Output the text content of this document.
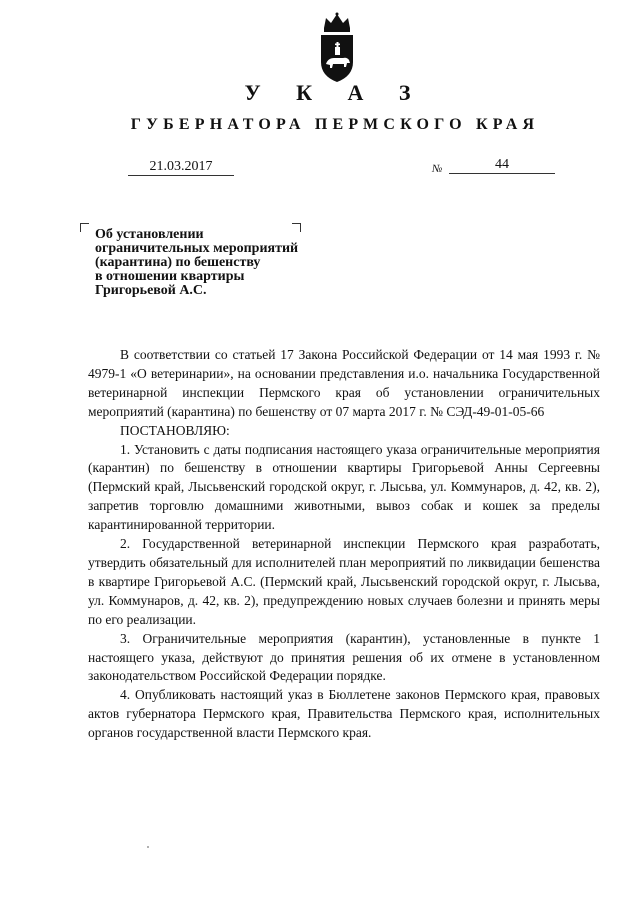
У К А З
ГУБЕРНАТОРА ПЕРМСКОГО КРАЯ
21.03.2017	№	44
Об установлении
ограничительных мероприятий
(карантина) по бешенству
в отношении квартиры
Григорьевой А.С.

В соответствии со статьей 17 Закона Российской Федерации от 14 мая 1993 г. № 4979-1 «О ветеринарии», на основании представления и.о. начальника Государственной ветеринарной инспекции Пермского края об установлении ограничительных мероприятий (карантина) по бешенству от 07 марта 2017 г. № СЭД-49-01-05-66

ПОСТАНОВЛЯЮ:

1. Установить с даты подписания настоящего указа ограничительные мероприятия (карантин) по бешенству в отношении квартиры Григорьевой Анны Сергеевны (Пермский край, Лысьвенский городской округ, г. Лысьва, ул. Коммунаров, д. 42, кв. 2), запретив торговлю домашними животными, вывоз собак и кошек за пределы карантинированной территории.

2. Государственной ветеринарной инспекции Пермского края разработать, утвердить обязательный для исполнителей план мероприятий по ликвидации бешенства в квартире Григорьевой А.С. (Пермский край, Лысьвенский городской округ, г. Лысьва, ул. Коммунаров, д. 42, кв. 2), предупреждению новых случаев болезни и принять меры по его реализации.

3. Ограничительные мероприятия (карантин), установленные в пункте 1 настоящего указа, действуют до принятия решения об их отмене в установленном законодательством Российской Федерации порядке.

4. Опубликовать настоящий указ в Бюллетене законов Пермского края, правовых актов губернатора Пермского края, Правительства Пермского края, исполнительных органов государственной власти Пермского края.
